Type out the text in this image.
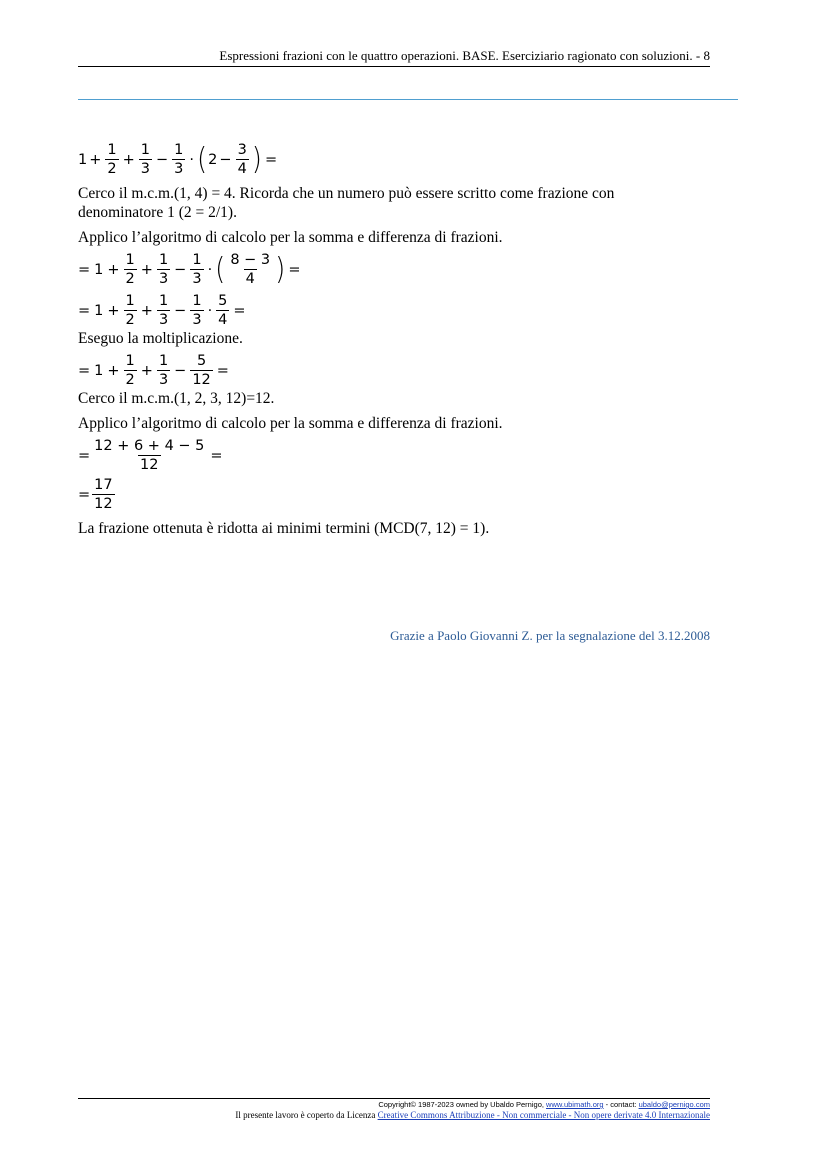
Espressioni frazioni con le quattro operazioni. BASE. Eserciziario ragionato con soluzioni. - 8
$1 + \frac{1}{2} + \frac{1}{3} - \frac{1}{3}$ · ( $2 - \frac{3}{4}$ ) =

Cerco il m.c.m.(1, 4) = 4. Ricorda che un numero può essere scritto come frazione con

denominatore 1 (2 = 2/1).

Applico l’algoritmo di calcolo per la somma e differenza di frazioni.

= $1 + \frac{1}{2} + \frac{1}{3} - \frac{1}{3}$ · ( $\frac{8 - 3}{4}$ ) =
= $1 + \frac{1}{2} + \frac{1}{3} - \frac{1}{3} \cdot \frac{5}{4}$ =

Eseguo la moltiplicazione.

= $1 + \frac{1}{2} + \frac{1}{3} - \frac{5}{12}$ =

Cerco il m.c.m.(1, 2, 3, 12)=12.

Applico l’algoritmo di calcolo per la somma e differenza di frazioni.

= $\frac{12 + 6 + 4 - 5}{12}$ =
= $\frac{17}{12}$

La frazione ottenuta è ridotta ai minimi termini (MCD(7, 12) = 1).

Grazie a Paolo Giovanni Z. per la segnalazione del 3.12.2008
Copyright© 1987-2023 owned by Ubaldo Pernigo, www.ubimath.org - contact: ubaldo@pernigo.com
Il presente lavoro è coperto da Licenza Creative Commons Attribuzione - Non commerciale - Non opere derivate 4.0 Internazionale
